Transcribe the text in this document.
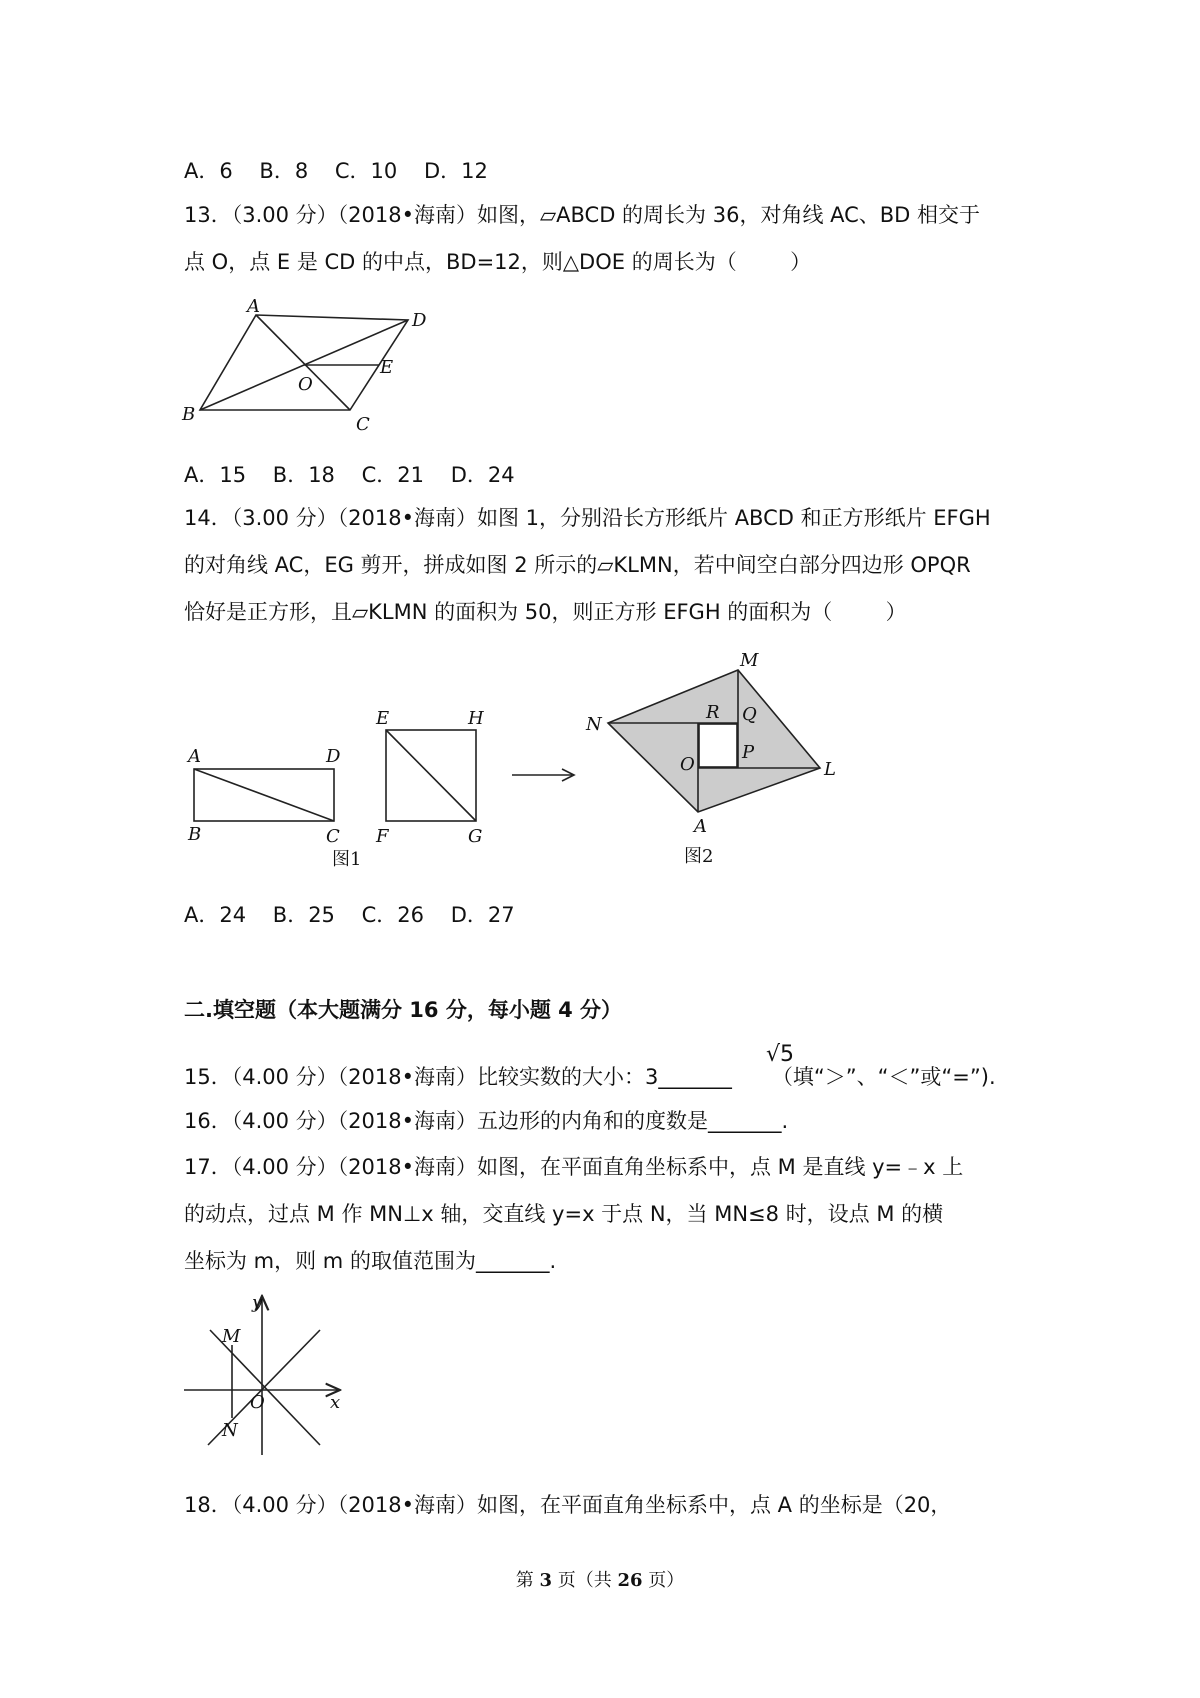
A．6    B．8    C．10    D．12
13．（3.00 分）（2018•海南）如图，▱ABCD 的周长为 36，对角线 AC、BD 相交于
点 O，点 E 是 CD 的中点，BD=12，则△DOE 的周长为（        ）
A
D
E
O
B	C
A．15    B．18    C．21    D．24
14．（3.00 分）（2018•海南）如图 1，分别沿长方形纸片 ABCD 和正方形纸片 EFGH
的对角线 AC，EG 剪开，拼成如图 2 所示的▱KLMN，若中间空白部分四边形 OPQR
恰好是正方形，且▱KLMN 的面积为 50，则正方形 EFGH 的面积为（        ）
A	D
B	C
E	H
F	G
图1
M
N
L
A
R Q
O
P
图2
A．24    B．25    C．26    D．27
二.填空题（本大题满分 16 分，每小题 4 分）
15．（4.00 分）（2018•海南）比较实数的大小：3_______      （填“＞”、“＜”或“=”).
√5
16．（4.00 分）（2018•海南）五边形的内角和的度数是_______.
17．（4.00 分）（2018•海南）如图，在平面直角坐标系中，点 M 是直线 y=﹣x 上
的动点，过点 M 作 MN⊥x 轴，交直线 y=x 于点 N，当 MN≤8 时，设点 M 的横
坐标为 m，则 m 的取值范围为_______.
y
x
M
O
N
18．（4.00 分）（2018•海南）如图，在平面直角坐标系中，点 A 的坐标是（20，
第 3 页（共 26 页）
